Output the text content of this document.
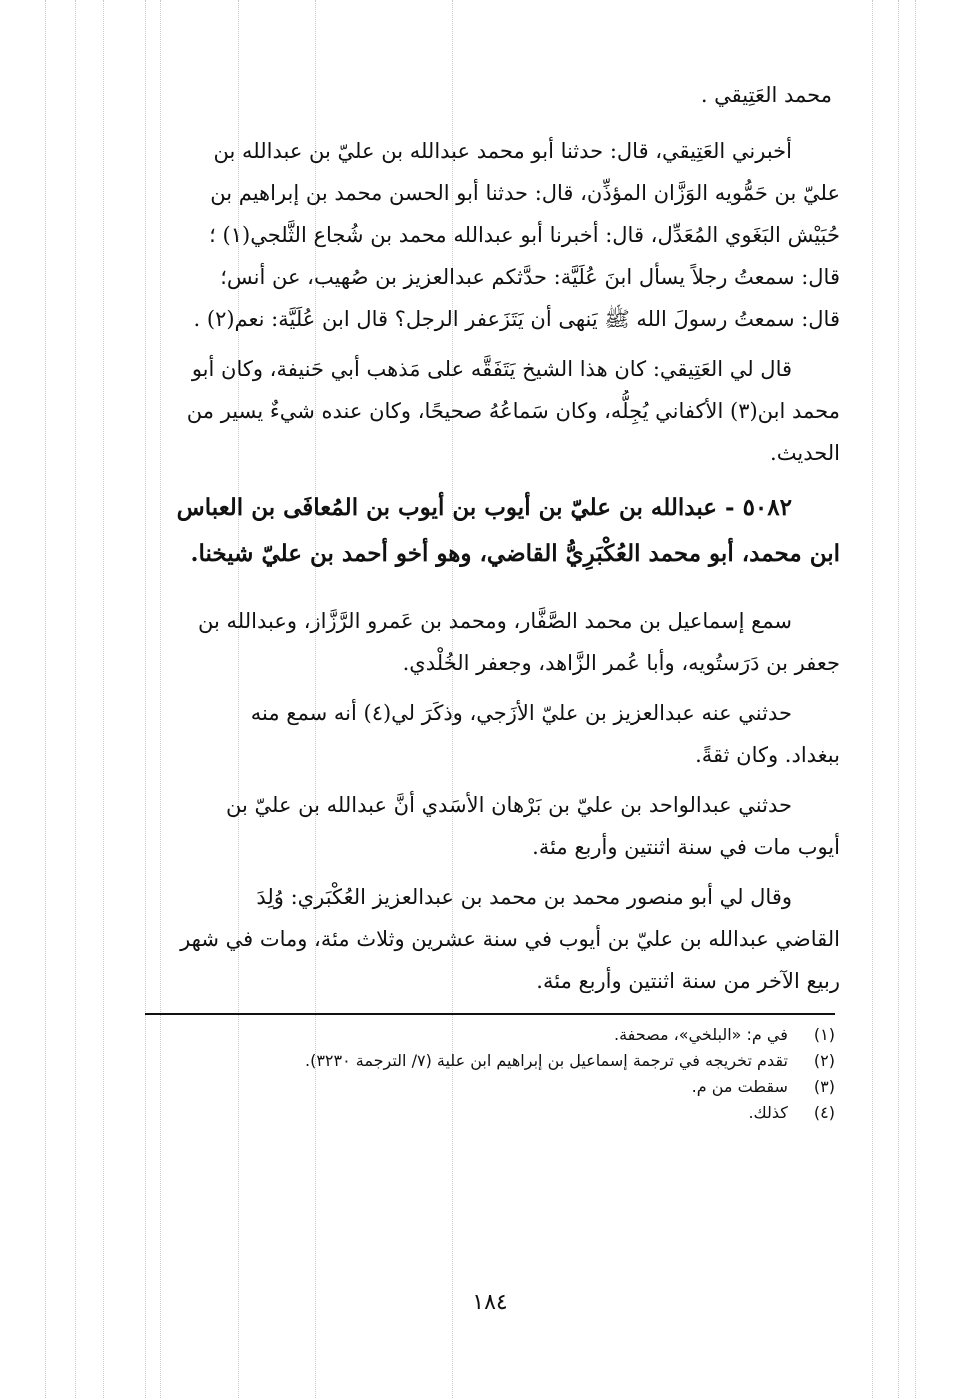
محمد العَتِيقي .
أخبرني العَتِيقي، قال: حدثنا أبو محمد عبدالله بن عليّ بن عبدالله بن
عليّ بن حَمُّويه الوَزَّان المؤذِّن، قال: حدثنا أبو الحسن محمد بن إبراهيم بن
حُبَيْش البَغَوي المُعَدِّل، قال: أخبرنا أبو عبدالله محمد بن شُجاع الثَّلجي(١) ؛
قال: سمعتُ رجلاً يسأل ابنَ عُلَيَّة: حدَّثكم عبدالعزيز بن صُهيب، عن أنس؛
قال: سمعتُ رسولَ الله ﷺ يَنهى أن يَتَزَعفر الرجل؟ قال ابن عُلَيَّة: نعم(٢) .
قال لي العَتِيقي: كان هذا الشيخ يَتَفَقَّه على مَذهب أبي حَنيفة، وكان أبو
محمد ابن(٣) الأكفاني يُجِلُّه، وكان سَماعُهُ صحيحًا، وكان عنده شيءٌ يسير من
الحديث.
٥٠٨٢ - عبدالله بن عليّ بن أيوب بن أيوب بن المُعافَى بن العباس
ابن محمد، أبو محمد العُكْبَرِيُّ القاضي، وهو أخو أحمد بن عليّ شيخنا.
سمع إسماعيل بن محمد الصَّفَّار، ومحمد بن عَمرو الرَّزَّاز، وعبدالله بن
جعفر بن دَرَستُويه، وأبا عُمر الزَّاهد، وجعفر الخُلْدي.
حدثني عنه عبدالعزيز بن عليّ الأزَجي، وذكَرَ لي(٤) أنه سمع منه
ببغداد. وكان ثقةً.
حدثني عبدالواحد بن عليّ بن بَرْهان الأسَدي أنَّ عبدالله بن عليّ بن
أيوب مات في سنة اثنتين وأربع مئة.
وقال لي أبو منصور محمد بن محمد بن عبدالعزيز العُكْبَري: وُلِدَ
القاضي عبدالله بن عليّ بن أيوب في سنة عشرين وثلاث مئة، ومات في شهر
ربيع الآخر من سنة اثنتين وأربع مئة.
(١) في م: «البلخي»، مصحفة.
(٢) تقدم تخريجه في ترجمة إسماعيل بن إبراهيم ابن علية (٧/ الترجمة ٣٢٣٠).
(٣) سقطت من م.
(٤) كذلك.
١٨٤
